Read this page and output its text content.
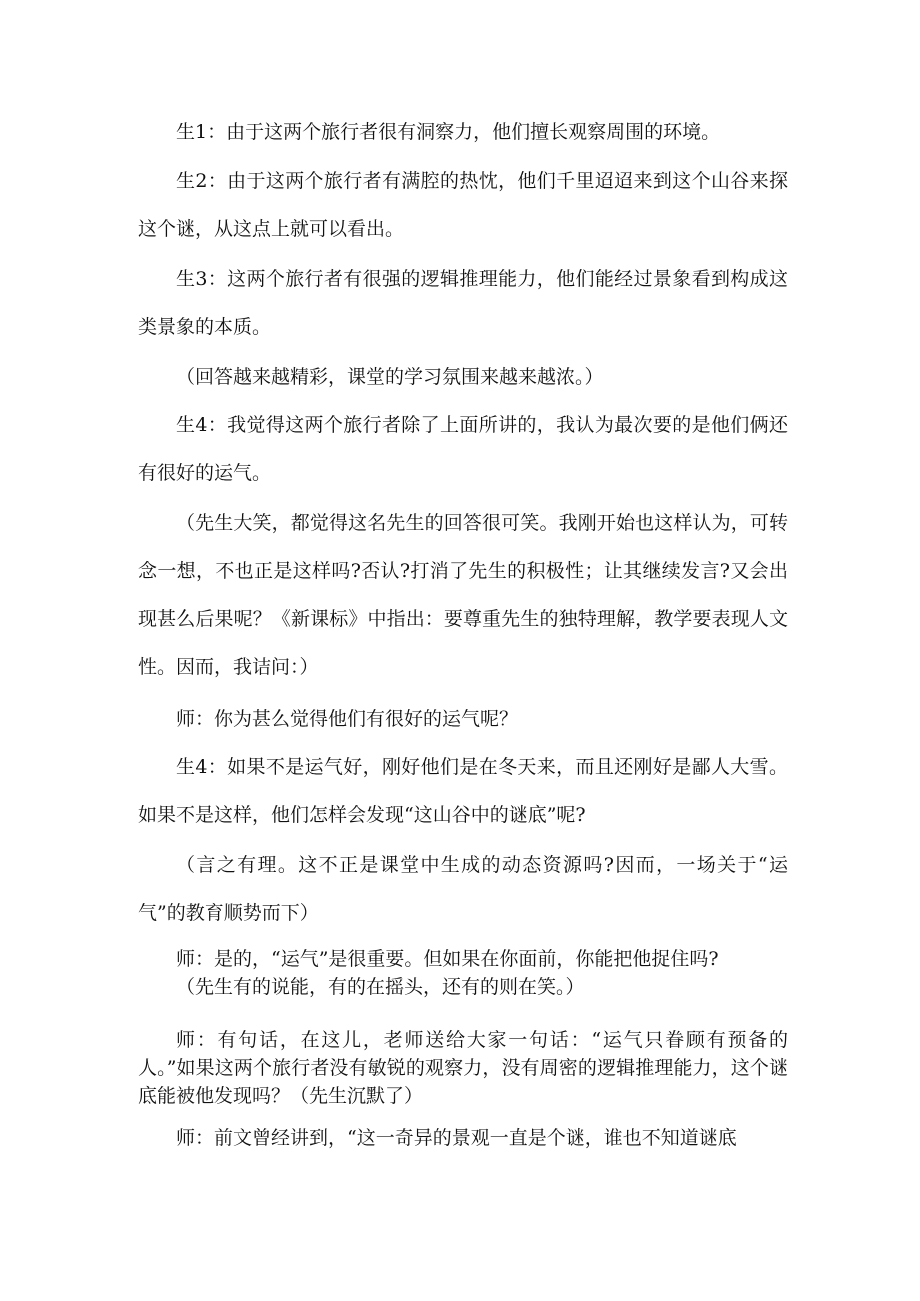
生1：由于这两个旅行者很有洞察力，他们擅长观察周围的环境。

生2：由于这两个旅行者有满腔的热忱，他们千里迢迢来到这个山谷来探这个谜，从这点上就可以看出。

生3：这两个旅行者有很强的逻辑推理能力，他们能经过景象看到构成这类景象的本质。

（回答越来越精彩，课堂的学习氛围来越来越浓。）

生4：我觉得这两个旅行者除了上面所讲的，我认为最次要的是他们俩还有很好的运气。

（先生大笑，都觉得这名先生的回答很可笑。我刚开始也这样认为，可转念一想，不也正是这样吗?否认?打消了先生的积极性；让其继续发言?又会出现甚么后果呢？《新课标》中指出：要尊重先生的独特理解，教学要表现人文性。因而，我诘问：）

师：你为甚么觉得他们有很好的运气呢？

生4：如果不是运气好，刚好他们是在冬天来，而且还刚好是鄙人大雪。如果不是这样，他们怎样会发现“这山谷中的谜底”呢?

（言之有理。这不正是课堂中生成的动态资源吗?因而，一场关于“运气”的教育顺势而下）

师：是的，“运气”是很重要。但如果在你面前，你能把他捉住吗?

（先生有的说能，有的在摇头，还有的则在笑。）

师：有句话，在这儿，老师送给大家一句话：“运气只眷顾有预备的人。”如果这两个旅行者没有敏锐的观察力，没有周密的逻辑推理能力，这个谜底能被他发现吗？（先生沉默了）

师：前文曾经讲到，“这一奇异的景观一直是个谜，谁也不知道谜底
